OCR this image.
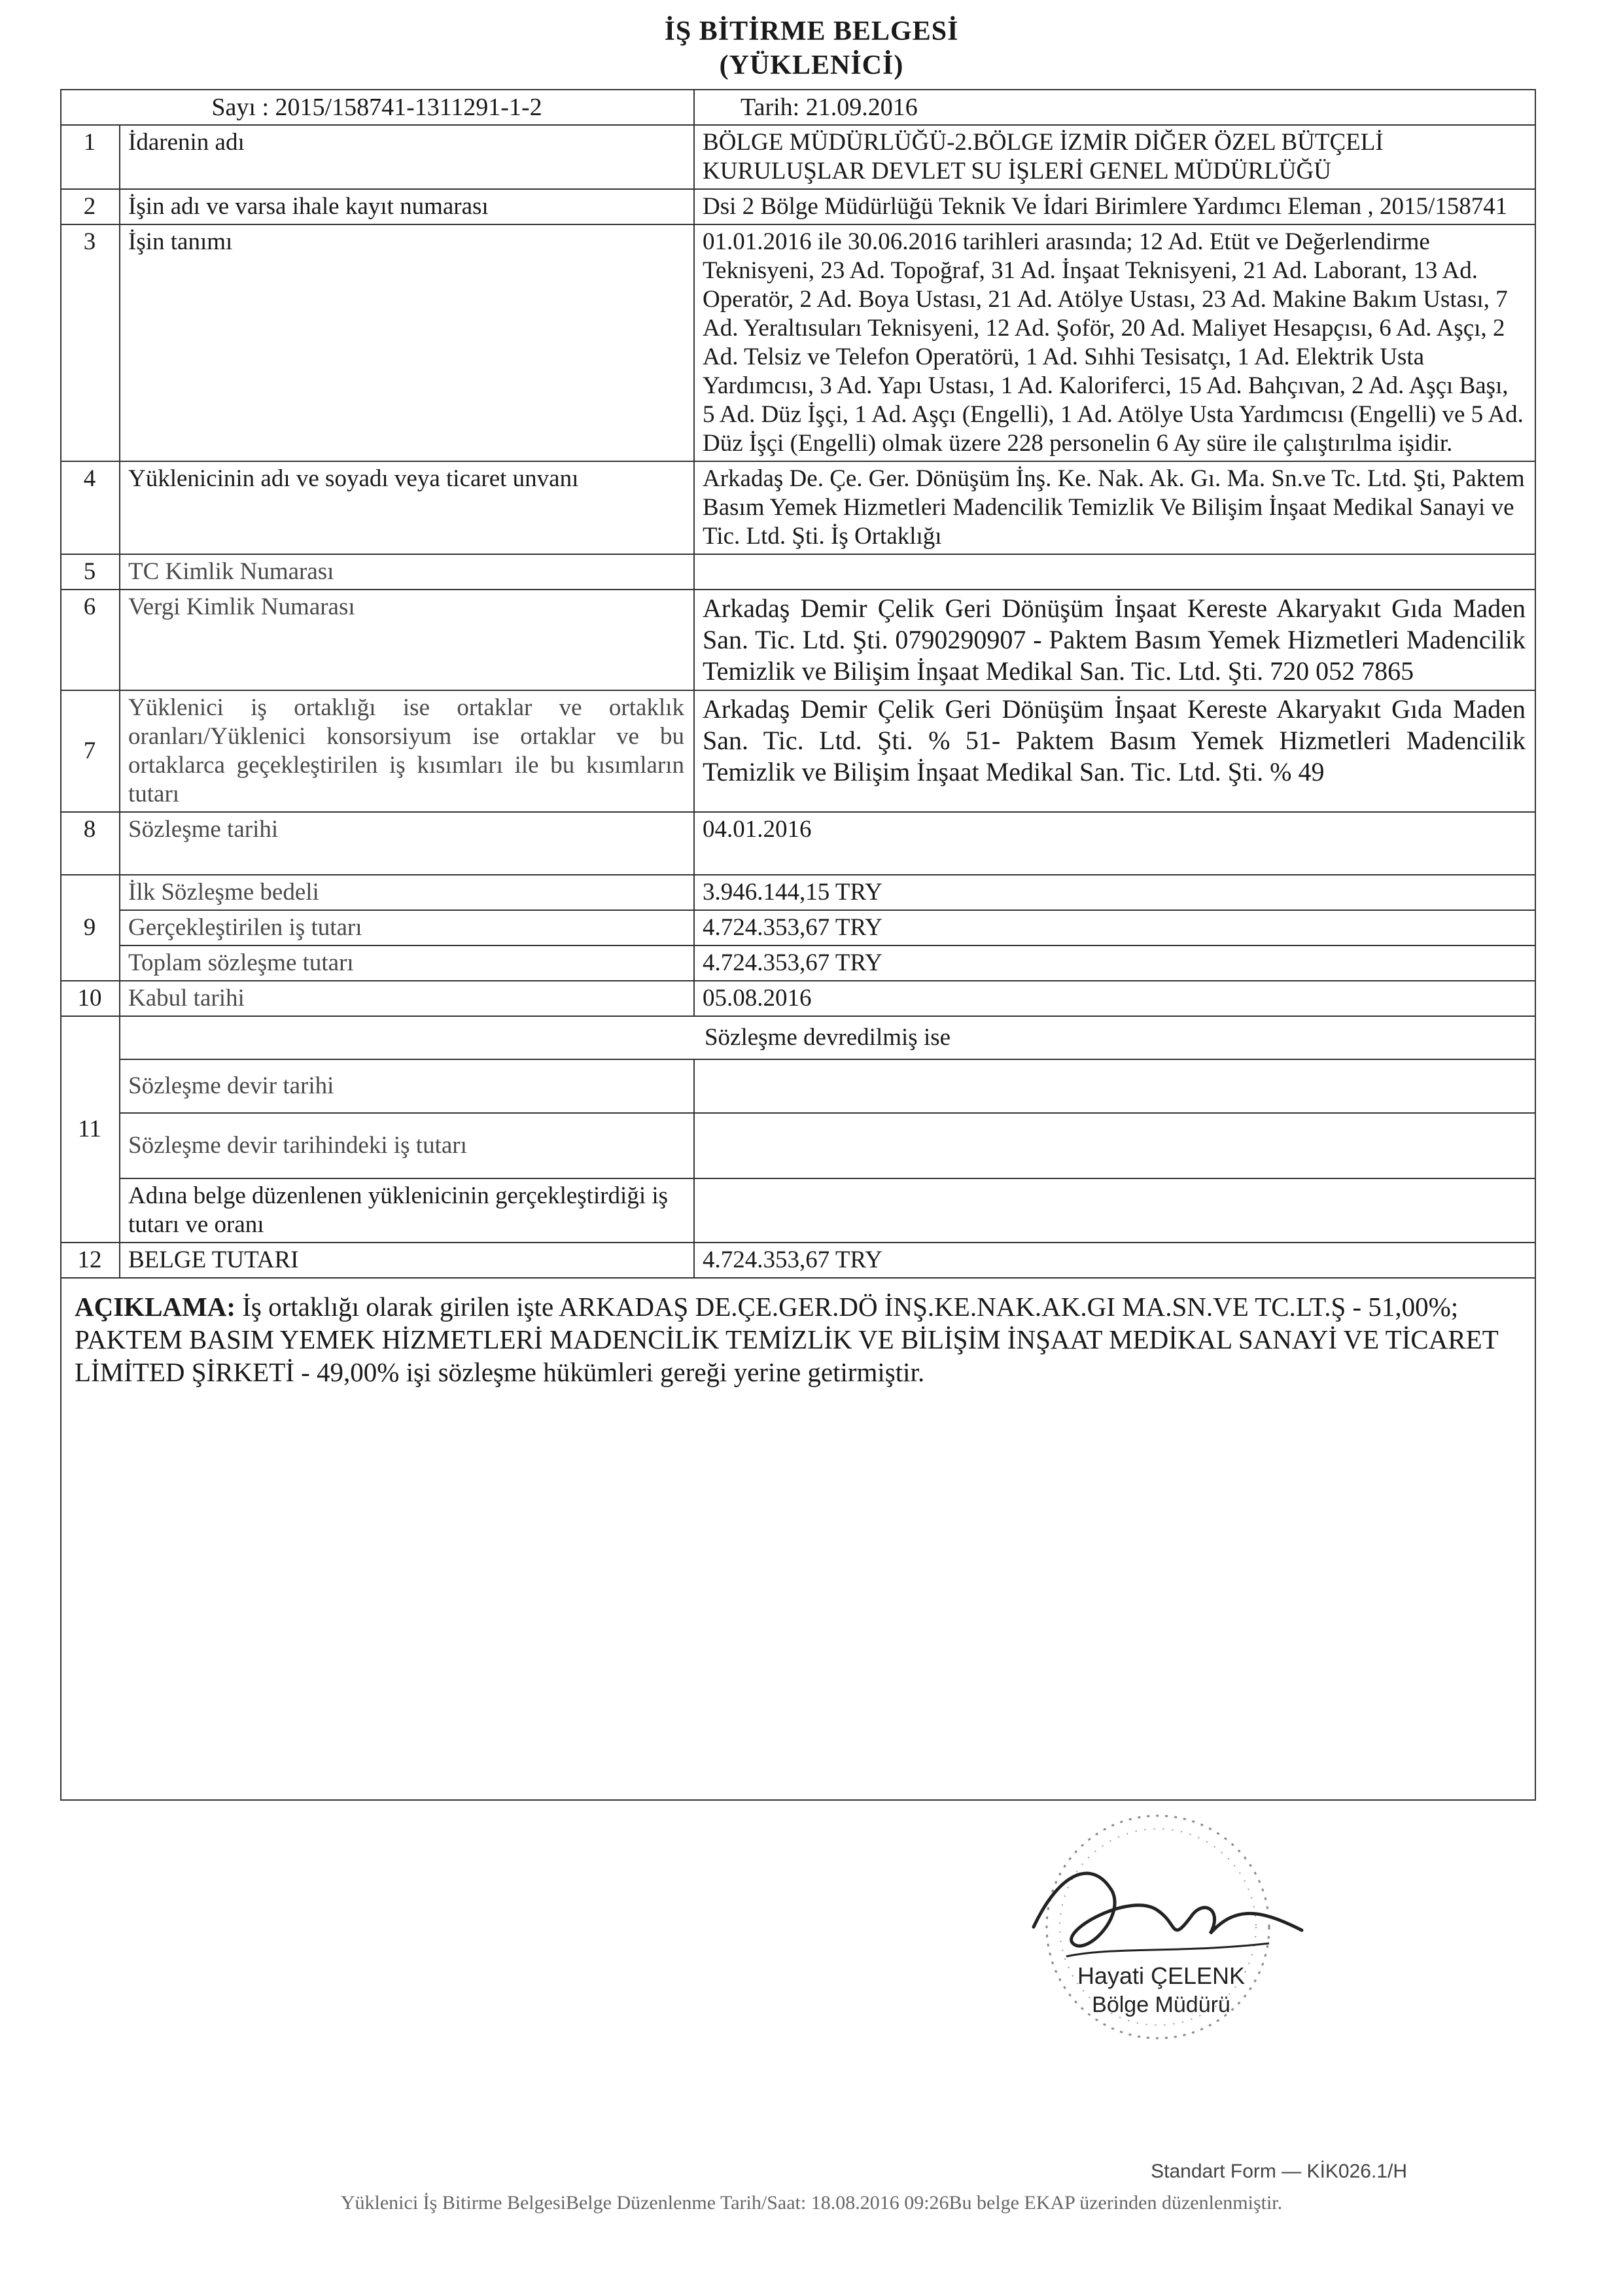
İŞ BİTİRME BELGESİ
(YÜKLENİCİ)
Sayı : 2015/158741-1311291-1-2		Tarih: 21.09.2016
1	İdarenin adı	BÖLGE MÜDÜRLÜĞÜ-2.BÖLGE İZMİR DİĞER ÖZEL BÜTÇELİ KURULUŞLAR DEVLET SU İŞLERİ GENEL MÜDÜRLÜĞÜ
2	İşin adı ve varsa ihale kayıt numarası	Dsi 2 Bölge Müdürlüğü Teknik Ve İdari Birimlere Yardımcı Eleman , 2015/158741
3	İşin tanımı	01.01.2016 ile 30.06.2016 tarihleri arasında; 12 Ad. Etüt ve Değerlendirme Teknisyeni, 23 Ad. Topoğraf, 31 Ad. İnşaat Teknisyeni, 21 Ad. Laborant, 13 Ad. Operatör, 2 Ad. Boya Ustası, 21 Ad. Atölye Ustası, 23 Ad. Makine Bakım Ustası, 7 Ad. Yeraltısuları Teknisyeni, 12 Ad. Şoför, 20 Ad. Maliyet Hesapçısı, 6 Ad. Aşçı, 2 Ad. Telsiz ve Telefon Operatörü, 1 Ad. Sıhhi Tesisatçı, 1 Ad. Elektrik Usta Yardımcısı, 3 Ad. Yapı Ustası, 1 Ad. Kaloriferci, 15 Ad. Bahçıvan, 2 Ad. Aşçı Başı, 5 Ad. Düz İşçi, 1 Ad. Aşçı (Engelli), 1 Ad. Atölye Usta Yardımcısı (Engelli) ve 5 Ad. Düz İşçi (Engelli) olmak üzere 228 personelin 6 Ay süre ile çalıştırılma işidir.
4	Yüklenicinin adı ve soyadı veya ticaret unvanı	Arkadaş De. Çe. Ger. Dönüşüm İnş. Ke. Nak. Ak. Gı. Ma. Sn.ve Tc. Ltd. Şti, Paktem Basım Yemek Hizmetleri Madencilik Temizlik Ve Bilişim İnşaat Medikal Sanayi ve Tic. Ltd. Şti. İş Ortaklığı
5	TC Kimlik Numarası	
6	Vergi Kimlik Numarası	Arkadaş Demir Çelik Geri Dönüşüm İnşaat Kereste Akaryakıt Gıda Maden San. Tic. Ltd. Şti. 0790290907 - Paktem Basım Yemek Hizmetleri Madencilik Temizlik ve Bilişim İnşaat Medikal San. Tic. Ltd. Şti. 720 052 7865
7	Yüklenici iş ortaklığı ise ortaklar ve ortaklık oranları/Yüklenici konsorsiyum ise ortaklar ve bu ortaklarca geçekleştirilen iş kısımları ile bu kısımların tutarı	Arkadaş Demir Çelik Geri Dönüşüm İnşaat Kereste Akaryakıt Gıda Maden San. Tic. Ltd. Şti. % 51- Paktem Basım Yemek Hizmetleri Madencilik Temizlik ve Bilişim İnşaat Medikal San. Tic. Ltd. Şti. % 49
8	Sözleşme tarihi	04.01.2016
9	İlk Sözleşme bedeli	3.946.144,15 TRY
	Gerçekleştirilen iş tutarı	4.724.353,67 TRY
	Toplam sözleşme tutarı	4.724.353,67 TRY
10	Kabul tarihi	05.08.2016
11	Sözleşme devredilmiş ise	
	Sözleşme devir tarihi	
	Sözleşme devir tarihindeki iş tutarı	
	Adına belge düzenlenen yüklenicinin gerçekleştirdiği iş tutarı ve oranı	
12	BELGE TUTARI	4.724.353,67 TRY
AÇIKLAMA: İş ortaklığı olarak girilen işte ARKADAŞ DE.ÇE.GER.DÖ İNŞ.KE.NAK.AK.GI MA.SN.VE TC.LT.Ş - 51,00%; PAKTEM BASIM YEMEK HİZMETLERİ MADENCİLİK TEMİZLİK VE BİLİŞİM İNŞAAT MEDİKAL SANAYİ VE TİCARET LİMİTED ŞİRKETİ - 49,00% işi sözleşme hükümleri gereği yerine getirmiştir.		
Hayati ÇELENK
Bölge Müdürü
Standart Form — KİK026.1/H
Yüklenici İş Bitirme BelgesiBelge Düzenlenme Tarih/Saat: 18.08.2016 09:26Bu belge EKAP üzerinden düzenlenmiştir.
